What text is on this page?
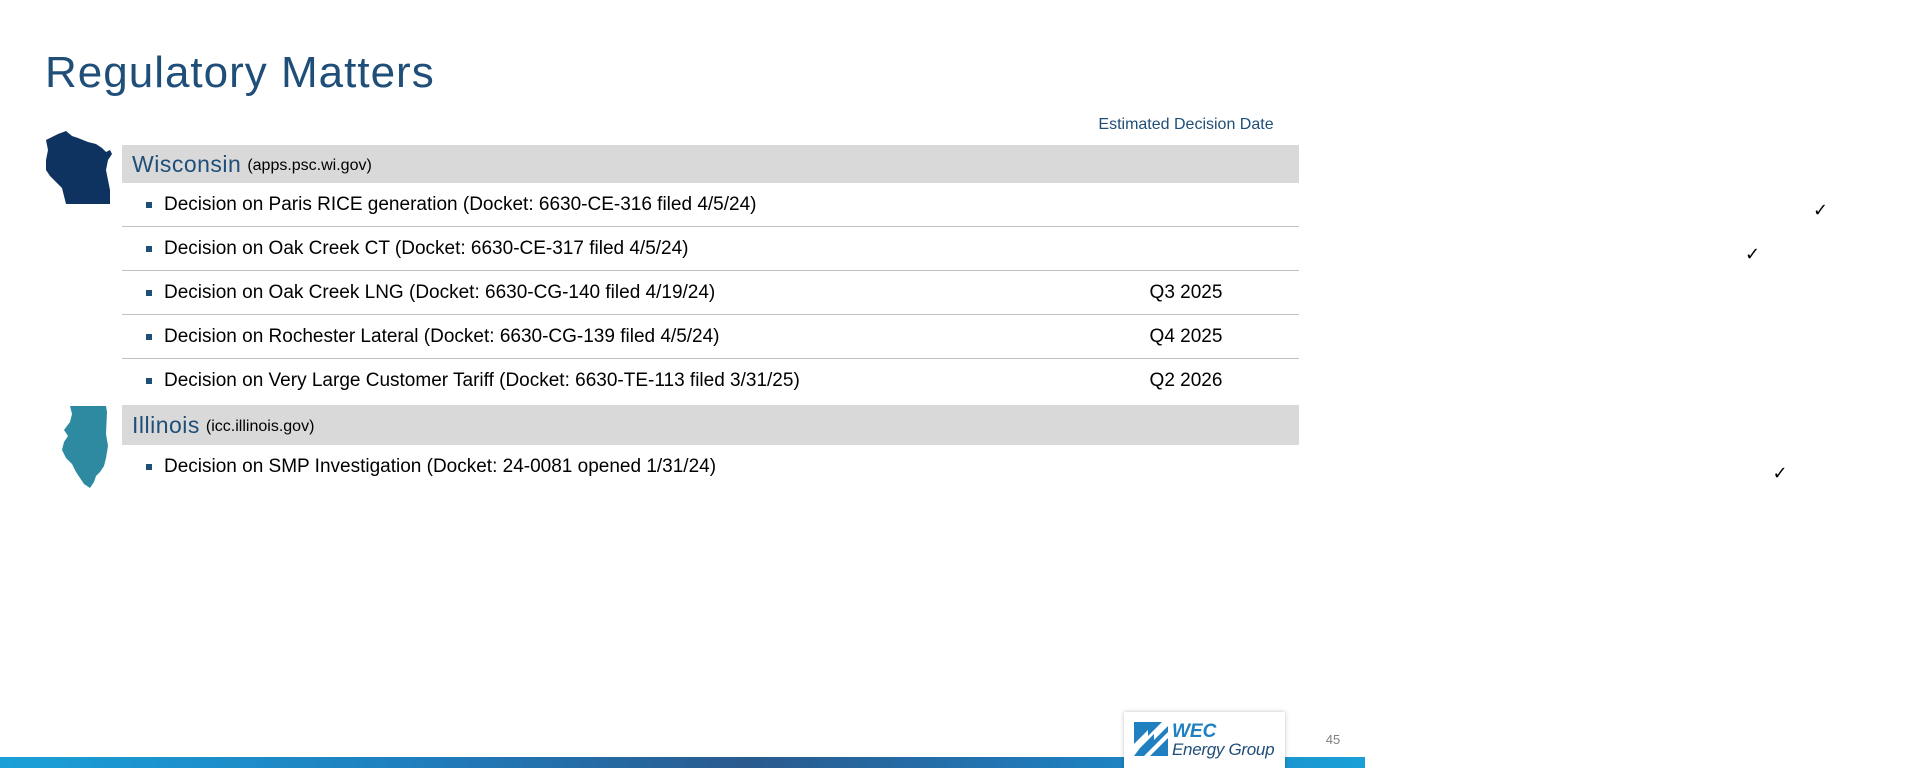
Regulatory Matters
Estimated Decision Date
Wisconsin (apps.psc.wi.gov)
Decision on Paris RICE generation (Docket: 6630-CE-316 filed 4/5/24)	✓
Decision on Oak Creek CT (Docket: 6630-CE-317 filed 4/5/24)	✓
Decision on Oak Creek LNG (Docket: 6630-CG-140 filed 4/19/24)	Q3 2025
Decision on Rochester Lateral (Docket: 6630-CG-139 filed 4/5/24)	Q4 2025
Decision on Very Large Customer Tariff (Docket: 6630-TE-113 filed 3/31/25)	Q2 2026
Illinois (icc.illinois.gov)
Decision on SMP Investigation (Docket: 24-0081 opened 1/31/24)	✓
WEC
Energy Group
45
